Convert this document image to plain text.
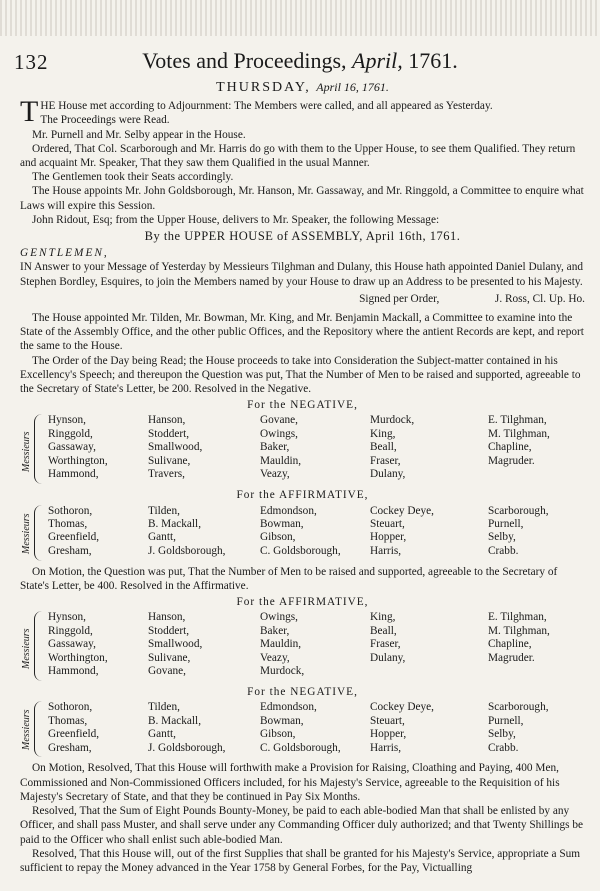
132	Votes and Proceedings, April, 1761.

THURSDAY, April 16, 1761.

T HE House met according to Adjournment: The Members were called, and all appeared as Yesterday.
The Proceedings were Read.

Mr. Purnell and Mr. Selby appear in the House.

Ordered, That Col. Scarborough and Mr. Harris do go with them to the Upper House, to see them Qualified. They return and acquaint Mr. Speaker, That they saw them Qualified in the usual Manner.

The Gentlemen took their Seats accordingly.

The House appoints Mr. John Goldsborough, Mr. Hanson, Mr. Gassaway, and Mr. Ringgold, a Committee to enquire what Laws will expire this Session.

John Ridout, Esq; from the Upper House, delivers to Mr. Speaker, the following Message:

By the UPPER HOUSE of ASSEMBLY, April 16th, 1761.

GENTLEMEN,

IN Answer to your Message of Yesterday by Messieurs Tilghman and Dulany, this House hath appointed Daniel Dulany, and Stephen Bordley, Esquires, to join the Members named by your House to draw up an Address to be presented to his Majesty.

Signed per Order,	J. Ross, Cl. Up. Ho.

The House appointed Mr. Tilden, Mr. Bowman, Mr. King, and Mr. Benjamin Mackall, a Committee to examine into the State of the Assembly Office, and the other public Offices, and the Repository where the antient Records are kept, and report the same to the House.

The Order of the Day being Read; the House proceeds to take into Consideration the Subject-matter contained in his Excellency's Speech; and thereupon the Question was put, That the Number of Men to be raised and supported, agreeable to the Secretary of State's Letter, be 200. Resolved in the Negative.

For the NEGATIVE,

Messieurs
Hynson,
Ringgold,
Gassaway,
Worthington,
Hammond,
Hanson,
Stoddert,
Smallwood,
Sulivane,
Travers,
Govane,
Owings,
Baker,
Mauldin,
Veazy,
Murdock,
King,
Beall,
Fraser,
Dulany,
E. Tilghman,
M. Tilghman,
Chapline,
Magruder.

For the AFFIRMATIVE,

Messieurs
Sothoron,
Thomas,
Greenfield,
Gresham,
Tilden,
B. Mackall,
Gantt,
J. Goldsborough,
Edmondson,
Bowman,
Gibson,
C. Goldsborough,
Cockey Deye,
Steuart,
Hopper,
Harris,
Scarborough,
Purnell,
Selby,
Crabb.

On Motion, the Question was put, That the Number of Men to be raised and supported, agreeable to the Secretary of State's Letter, be 400. Resolved in the Affirmative.

For the AFFIRMATIVE,

Messieurs
Hynson,
Ringgold,
Gassaway,
Worthington,
Hammond,
Hanson,
Stoddert,
Smallwood,
Sulivane,
Govane,
Owings,
Baker,
Mauldin,
Veazy,
Murdock,
King,
Beall,
Fraser,
Dulany,
E. Tilghman,
M. Tilghman,
Chapline,
Magruder.

For the NEGATIVE,

Messieurs
Sothoron,
Thomas,
Greenfield,
Gresham,
Tilden,
B. Mackall,
Gantt,
J. Goldsborough,
Edmondson,
Bowman,
Gibson,
C. Goldsborough,
Cockey Deye,
Steuart,
Hopper,
Harris,
Scarborough,
Purnell,
Selby,
Crabb.

On Motion, Resolved, That this House will forthwith make a Provision for Raising, Cloathing and Paying, 400 Men, Commissioned and Non-Commissioned Officers included, for his Majesty's Service, agreeable to the Requisition of his Majesty's Secretary of State, and that they be continued in Pay Six Months.

Resolved, That the Sum of Eight Pounds Bounty-Money, be paid to each able-bodied Man that shall be enlisted by any Officer, and shall pass Muster, and shall serve under any Commanding Officer duly authorized; and that Twenty Shillings be paid to the Officer who shall enlist such able-bodied Man.

Resolved, That this House will, out of the first Supplies that shall be granted for his Majesty's Service, appropriate a Sum sufficient to repay the Money advanced in the Year 1758 by General Forbes, for the Pay, Victualling
